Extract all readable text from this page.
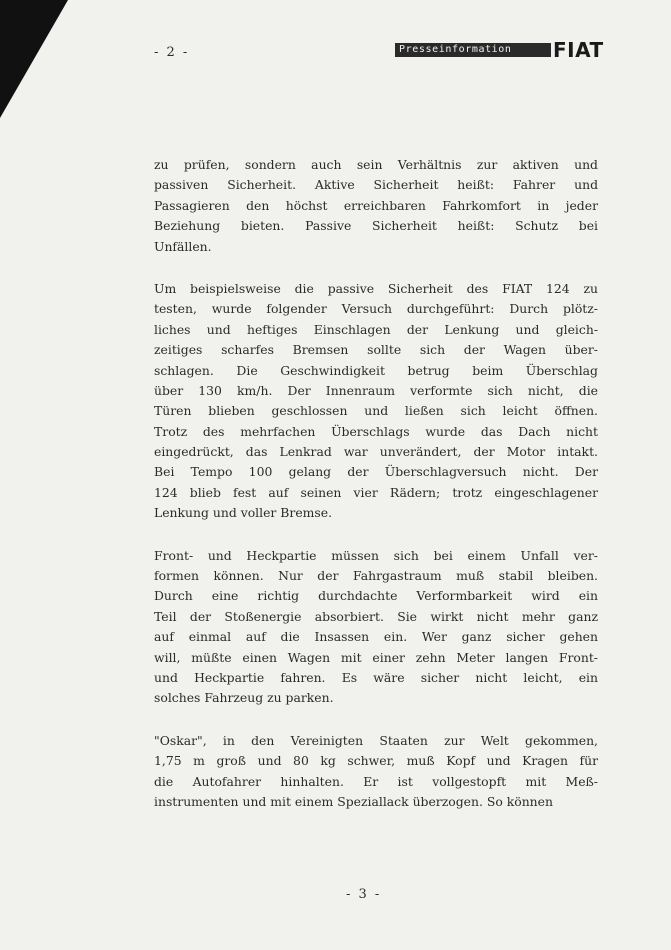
- 2 -	Presseinformation	FIAT
zu prüfen, sondern auch sein Verhältnis zur aktiven und
passiven Sicherheit. Aktive Sicherheit heißt: Fahrer und
Passagieren den höchst erreichbaren Fahrkomfort in jeder
Beziehung bieten. Passive Sicherheit heißt: Schutz bei
Unfällen.
Um beispielsweise die passive Sicherheit des FIAT 124 zu
testen, wurde folgender Versuch durchgeführt: Durch plötz-
liches und heftiges Einschlagen der Lenkung und gleich-
zeitiges scharfes Bremsen sollte sich der Wagen über-
schlagen. Die Geschwindigkeit betrug beim Überschlag
über 130 km/h. Der Innenraum verformte sich nicht, die
Türen blieben geschlossen und ließen sich leicht öffnen.
Trotz des mehrfachen Überschlags wurde das Dach nicht
eingedrückt, das Lenkrad war unverändert, der Motor intakt.
Bei Tempo 100 gelang der Überschlagversuch nicht. Der
124 blieb fest auf seinen vier Rädern; trotz eingeschlagener
Lenkung und voller Bremse.
Front- und Heckpartie müssen sich bei einem Unfall ver-
formen können. Nur der Fahrgastraum muß stabil bleiben.
Durch eine richtig durchdachte Verformbarkeit wird ein
Teil der Stoßenergie absorbiert. Sie wirkt nicht mehr ganz
auf einmal auf die Insassen ein. Wer ganz sicher gehen
will, müßte einen Wagen mit einer zehn Meter langen Front-
und Heckpartie fahren. Es wäre sicher nicht leicht, ein
solches Fahrzeug zu parken.
"Oskar", in den Vereinigten Staaten zur Welt gekommen,
1,75 m groß und 80 kg schwer, muß Kopf und Kragen für
die Autofahrer hinhalten. Er ist vollgestopft mit Meß-
instrumenten und mit einem Speziallack überzogen. So können
- 3 -
